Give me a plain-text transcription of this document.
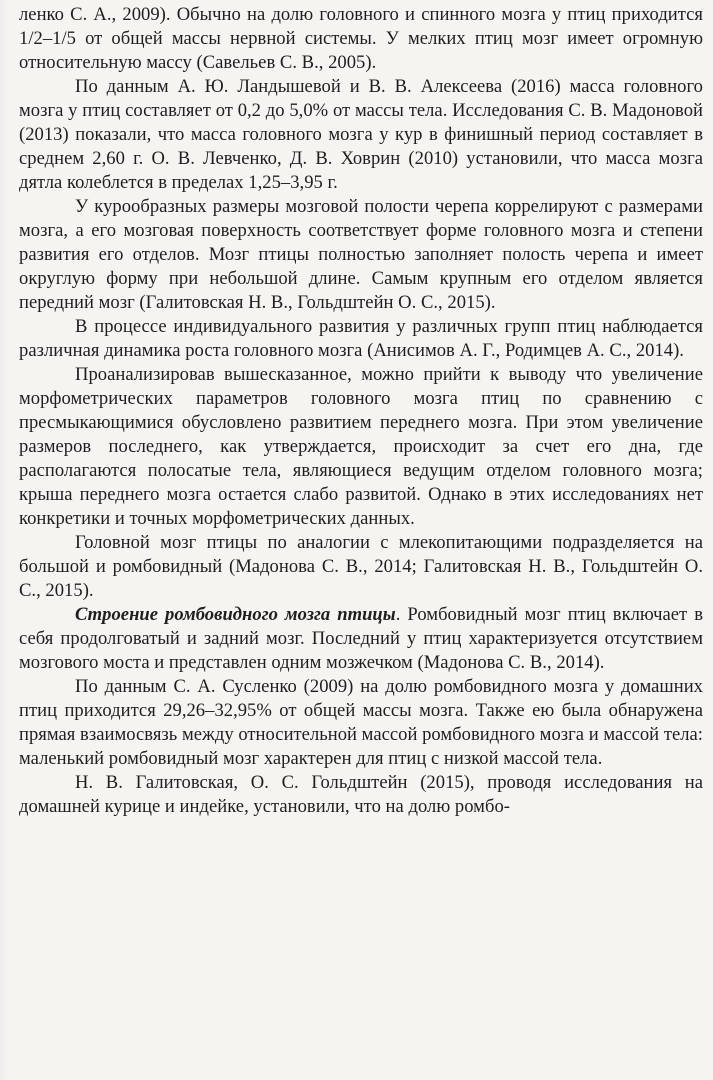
ленко С. А., 2009). Обычно на долю головного и спинного мозга у птиц приходится 1/2–1/5 от общей массы нервной системы. У мелких птиц мозг имеет огромную относительную массу (Савельев С. В., 2005).

По данным А. Ю. Ландышевой и В. В. Алексеева (2016) масса головного мозга у птиц составляет от 0,2 до 5,0% от массы тела. Исследования С. В. Мадоновой (2013) показали, что масса головного мозга у кур в финишный период составляет в среднем 2,60 г. О. В. Левченко, Д. В. Ховрин (2010) установили, что масса мозга дятла колеблется в пределах 1,25–3,95 г.

У курообразных размеры мозговой полости черепа коррелируют с размерами мозга, а его мозговая поверхность соответствует форме головного мозга и степени развития его отделов. Мозг птицы полностью заполняет полость черепа и имеет округлую форму при небольшой длине. Самым крупным его отделом является передний мозг (Галитовская Н. В., Гольдштейн О. С., 2015).

В процессе индивидуального развития у различных групп птиц наблюдается различная динамика роста головного мозга (Анисимов А. Г., Родимцев А. С., 2014).

Проанализировав вышесказанное, можно прийти к выводу что увеличение морфометрических параметров головного мозга птиц по сравнению с пресмыкающимися обусловлено развитием переднего мозга. При этом увеличение размеров последнего, как утверждается, происходит за счет его дна, где располагаются полосатые тела, являющиеся ведущим отделом головного мозга; крыша переднего мозга остается слабо развитой. Однако в этих исследованиях нет конкретики и точных морфометрических данных.

Головной мозг птицы по аналогии с млекопитающими подразделяется на большой и ромбовидный (Мадонова С. В., 2014; Галитовская Н. В., Гольдштейн О. С., 2015).

Строение ромбовидного мозга птицы. Ромбовидный мозг птиц включает в себя продолговатый и задний мозг. Последний у птиц характеризуется отсутствием мозгового моста и представлен одним мозжечком (Мадонова С. В., 2014).

По данным С. А. Сусленко (2009) на долю ромбовидного мозга у домашних птиц приходится 29,26–32,95% от общей массы мозга. Также ею была обнаружена прямая взаимосвязь между относительной массой ромбовидного мозга и массой тела: маленький ромбовидный мозг характерен для птиц с низкой массой тела.

Н. В. Галитовская, О. С. Гольдштейн (2015), проводя исследования на домашней курице и индейке, установили, что на долю ромбо-
